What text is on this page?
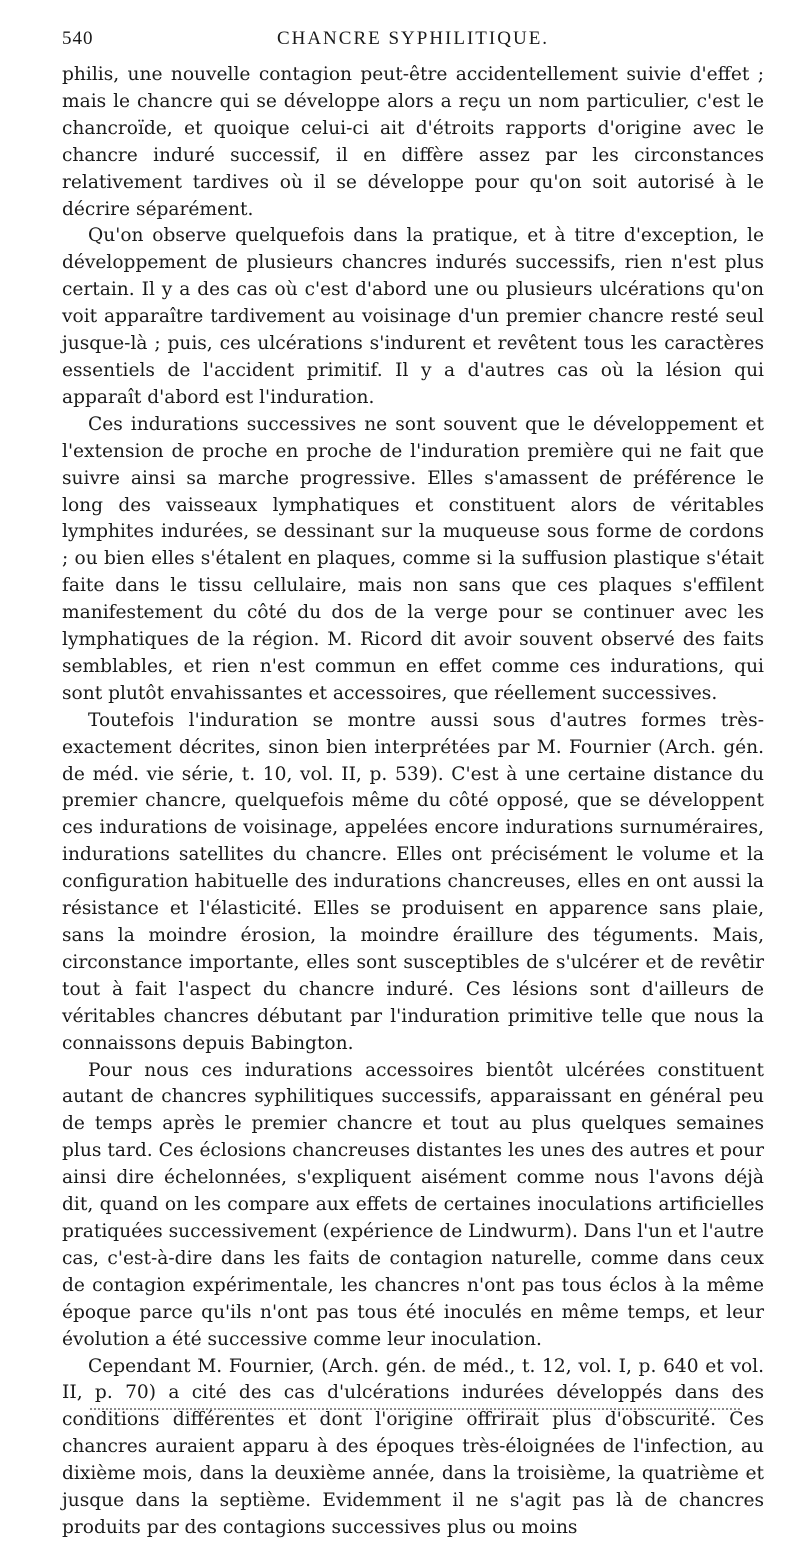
540	CHANCRE SYPHILITIQUE.

philis, une nouvelle contagion peut-être accidentellement suivie d'effet ; mais le chancre qui se développe alors a reçu un nom particulier, c'est le chancroïde, et quoique celui-ci ait d'étroits rapports d'origine avec le chancre induré successif, il en diffère assez par les circonstances relativement tardives où il se développe pour qu'on soit autorisé à le décrire séparément.

Qu'on observe quelquefois dans la pratique, et à titre d'exception, le développement de plusieurs chancres indurés successifs, rien n'est plus certain. Il y a des cas où c'est d'abord une ou plusieurs ulcérations qu'on voit apparaître tardivement au voisinage d'un premier chancre resté seul jusque-là ; puis, ces ulcérations s'indurent et revêtent tous les caractères essentiels de l'accident primitif. Il y a d'autres cas où la lésion qui apparaît d'abord est l'induration.

Ces indurations successives ne sont souvent que le développement et l'extension de proche en proche de l'induration première qui ne fait que suivre ainsi sa marche progressive. Elles s'amassent de préférence le long des vaisseaux lymphatiques et constituent alors de véritables lymphites indurées, se dessinant sur la muqueuse sous forme de cordons ; ou bien elles s'étalent en plaques, comme si la suffusion plastique s'était faite dans le tissu cellulaire, mais non sans que ces plaques s'effilent manifestement du côté du dos de la verge pour se continuer avec les lymphatiques de la région. M. Ricord dit avoir souvent observé des faits semblables, et rien n'est commun en effet comme ces indurations, qui sont plutôt envahissantes et accessoires, que réellement successives.

Toutefois l'induration se montre aussi sous d'autres formes très-exactement décrites, sinon bien interprétées par M. Fournier (Arch. gén. de méd. vie série, t. 10, vol. II, p. 539). C'est à une certaine distance du premier chancre, quelquefois même du côté opposé, que se développent ces indurations de voisinage, appelées encore indurations surnuméraires, indurations satellites du chancre. Elles ont précisément le volume et la configuration habituelle des indurations chancreuses, elles en ont aussi la résistance et l'élasticité. Elles se produisent en apparence sans plaie, sans la moindre érosion, la moindre éraillure des téguments. Mais, circonstance importante, elles sont susceptibles de s'ulcérer et de revêtir tout à fait l'aspect du chancre induré. Ces lésions sont d'ailleurs de véritables chancres débutant par l'induration primitive telle que nous la connaissons depuis Babington.

Pour nous ces indurations accessoires bientôt ulcérées constituent autant de chancres syphilitiques successifs, apparaissant en général peu de temps après le premier chancre et tout au plus quelques semaines plus tard. Ces éclosions chancreuses distantes les unes des autres et pour ainsi dire échelonnées, s'expliquent aisément comme nous l'avons déjà dit, quand on les compare aux effets de certaines inoculations artificielles pratiquées successivement (expérience de Lindwurm). Dans l'un et l'autre cas, c'est-à-dire dans les faits de contagion naturelle, comme dans ceux de contagion expérimentale, les chancres n'ont pas tous éclos à la même époque parce qu'ils n'ont pas tous été inoculés en même temps, et leur évolution a été successive comme leur inoculation.

Cependant M. Fournier, (Arch. gén. de méd., t. 12, vol. I, p. 640 et vol. II, p. 70) a cité des cas d'ulcérations indurées développés dans des conditions différentes et dont l'origine offrirait plus d'obscurité. Ces chancres auraient apparu à des époques très-éloignées de l'infection, au dixième mois, dans la deuxième année, dans la troisième, la quatrième et jusque dans la septième. Evidemment il ne s'agit pas là de chancres produits par des contagions successives plus ou moins
